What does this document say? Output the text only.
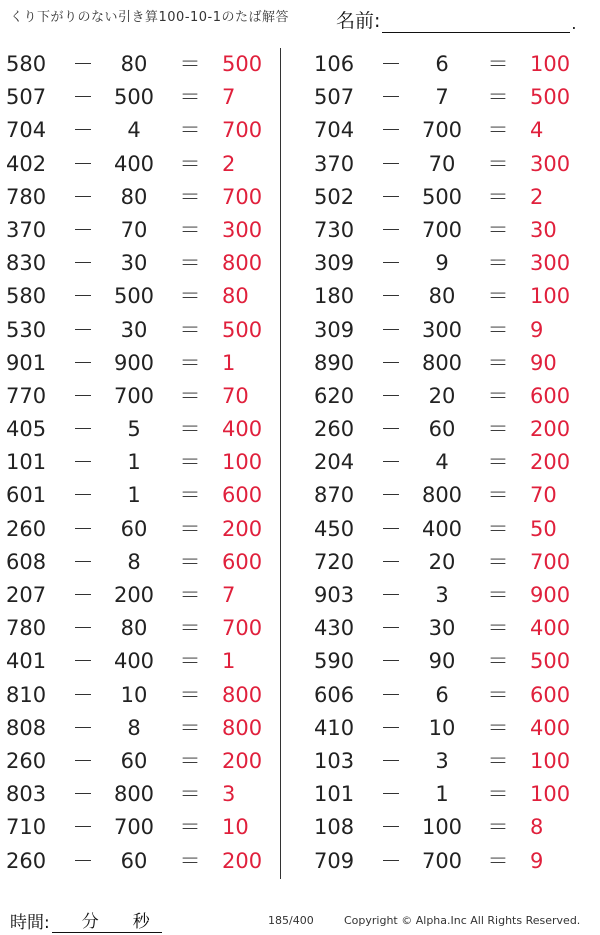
くり下がりのない引き算100-10-1のたば解答 名前:	.
580	－	80	＝ 500
507	－ 500	＝ 7
704	－	4	＝ 700
402	－ 400	＝ 2
780	－	80	＝ 700
370	－	70	＝ 300
830	－	30	＝ 800
580	－ 500	＝ 80
530	－	30	＝ 500
901	－ 900	＝ 1
770	－ 700	＝ 70
405	－	5	＝ 400
101	－	1	＝ 100
601	－	1	＝ 600
260	－	60	＝ 200
608	－	8	＝ 600
207	－ 200	＝ 7
780	－	80	＝ 700
401	－ 400	＝ 1
810	－	10	＝ 800
808	－	8	＝ 800
260	－	60	＝ 200
803	－ 800	＝ 3
710	－ 700	＝ 10
260	－	60	＝ 200
106	－	6	＝ 100
507	－	7	＝ 500
704	－ 700	＝ 4
370	－	70	＝ 300
502	－ 500	＝ 2
730	－ 700	＝ 30
309	－	9	＝ 300
180	－	80	＝ 100
309	－ 300	＝ 9
890	－ 800	＝ 90
620	－	20	＝ 600
260	－	60	＝ 200
204	－	4	＝ 200
870	－ 800	＝ 70
450	－ 400	＝ 50
720	－	20	＝ 700
903	－	3	＝ 900
430	－	30	＝ 400
590	－	90	＝ 500
606	－	6	＝ 600
410	－	10	＝ 400
103	－	3	＝ 100
101	－	1	＝ 100
108	－ 100	＝ 8
709	－ 700	＝ 9
時間: 分 秒	185/400	Copyright © Alpha.Inc All Rights Reserved.
